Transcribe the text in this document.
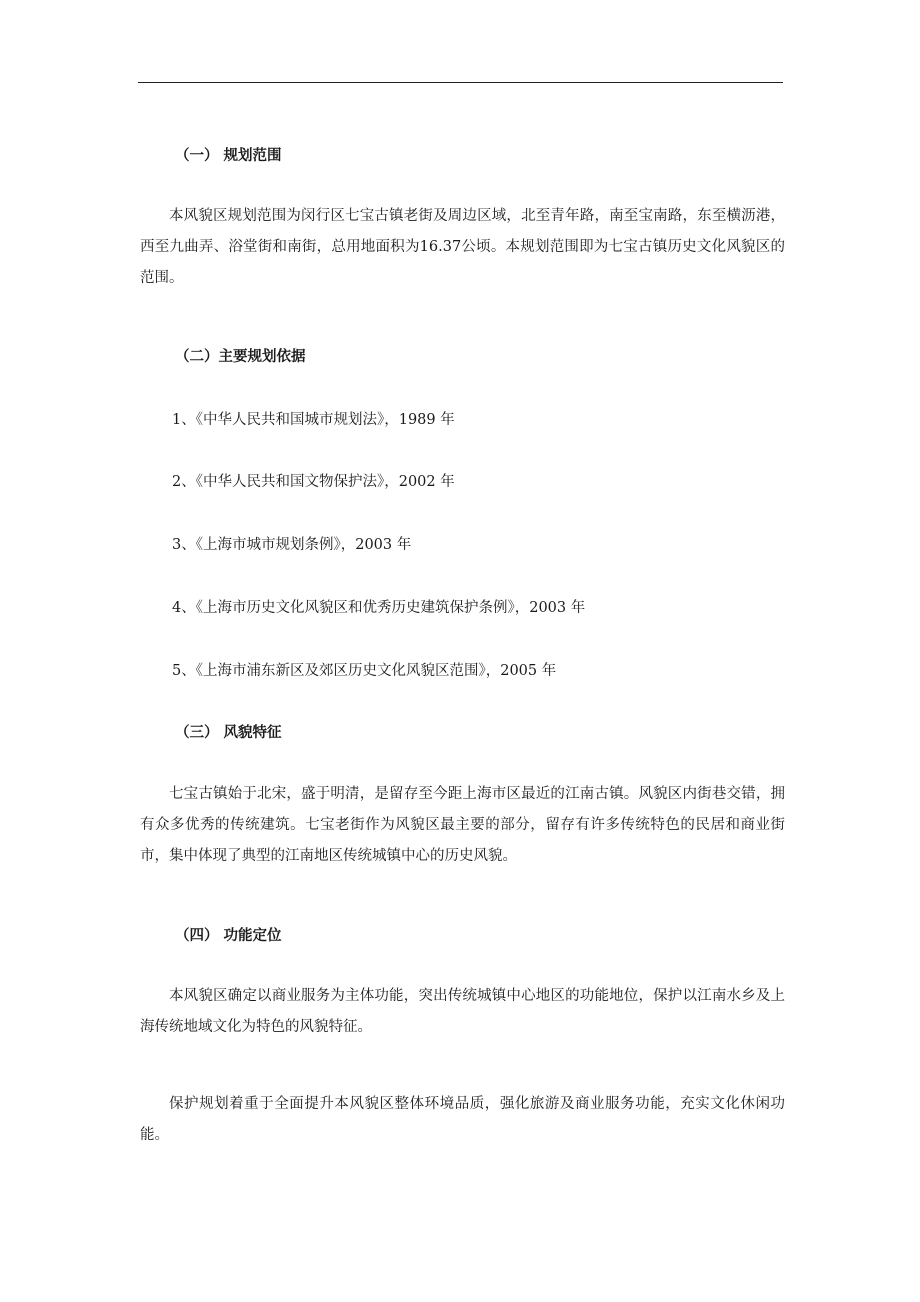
（一） 规划范围
本风貌区规划范围为闵行区七宝古镇老街及周边区域，北至青年路，南至宝南路，东至横沥港，西至九曲弄、浴堂街和南街，总用地面积为16.37公顷。本规划范围即为七宝古镇历史文化风貌区的范围。
（二）主要规划依据
1、《中华人民共和国城市规划法》，1989 年
2、《中华人民共和国文物保护法》，2002 年
3、《上海市城市规划条例》，2003 年
4、《上海市历史文化风貌区和优秀历史建筑保护条例》，2003 年
5、《上海市浦东新区及郊区历史文化风貌区范围》，2005 年
（三） 风貌特征
七宝古镇始于北宋，盛于明清，是留存至今距上海市区最近的江南古镇。风貌区内街巷交错，拥有众多优秀的传统建筑。七宝老街作为风貌区最主要的部分，留存有许多传统特色的民居和商业街市，集中体现了典型的江南地区传统城镇中心的历史风貌。
（四） 功能定位
本风貌区确定以商业服务为主体功能，突出传统城镇中心地区的功能地位，保护以江南水乡及上海传统地域文化为特色的风貌特征。
保护规划着重于全面提升本风貌区整体环境品质，强化旅游及商业服务功能，充实文化休闲功能。
